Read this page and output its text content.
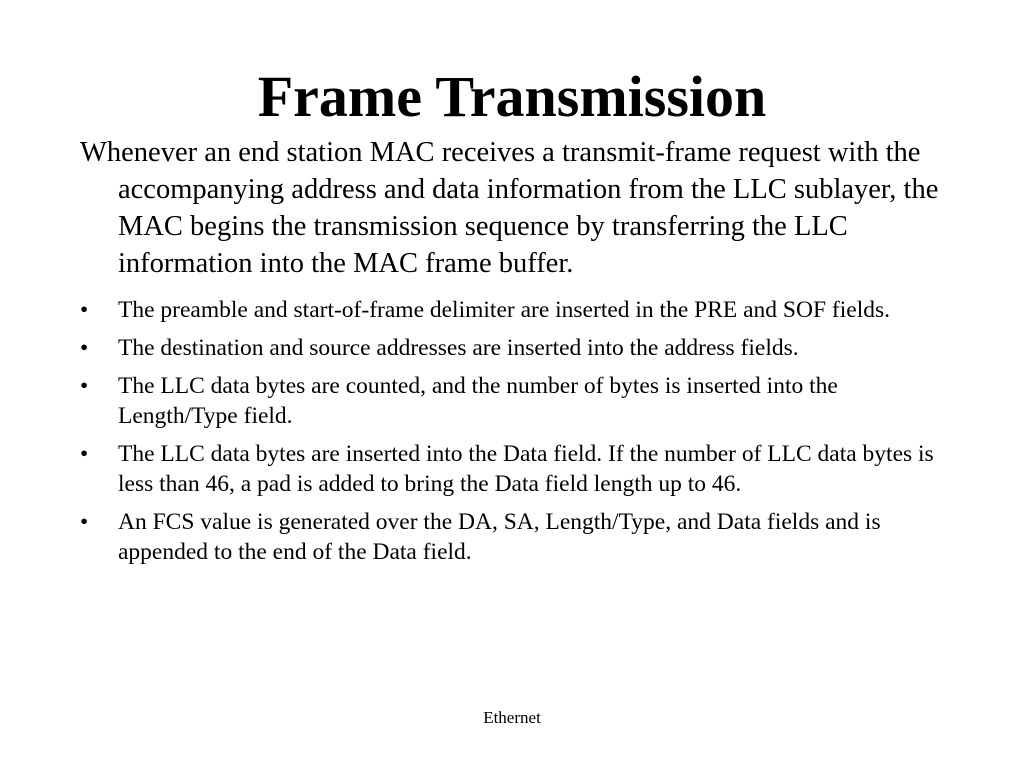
Frame Transmission

Whenever an end station MAC receives a transmit-frame request with the accompanying address and data information from the LLC sublayer, the MAC begins the transmission sequence by transferring the LLC information into the MAC frame buffer.

• The preamble and start-of-frame delimiter are inserted in the PRE and SOF fields.
• The destination and source addresses are inserted into the address fields.
• The LLC data bytes are counted, and the number of bytes is inserted into the Length/Type field.
• The LLC data bytes are inserted into the Data field. If the number of LLC data bytes is less than 46, a pad is added to bring the Data field length up to 46.
• An FCS value is generated over the DA, SA, Length/Type, and Data fields and is appended to the end of the Data field.
Ethernet
